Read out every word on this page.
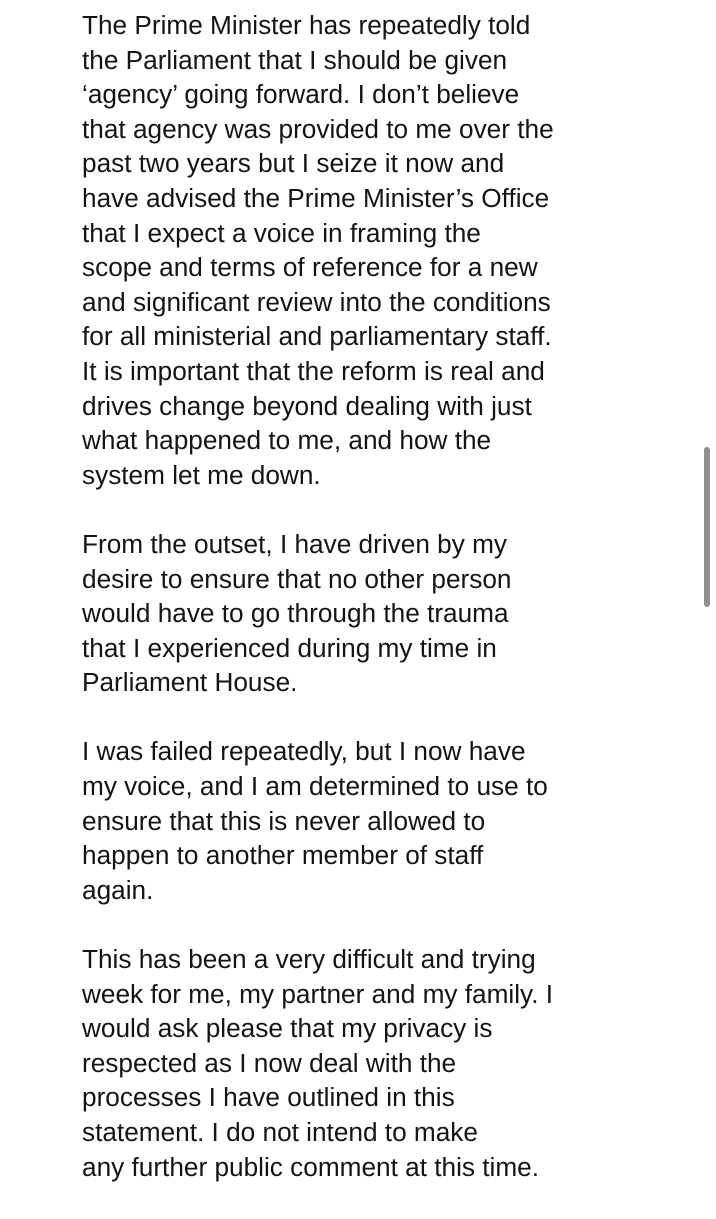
The Prime Minister has repeatedly told
the Parliament that I should be given
‘agency’ going forward. I don’t believe
that agency was provided to me over the
past two years but I seize it now and
have advised the Prime Minister’s Office
that I expect a voice in framing the
scope and terms of reference for a new
and significant review into the conditions
for all ministerial and parliamentary staff.
It is important that the reform is real and
drives change beyond dealing with just
what happened to me, and how the
system let me down.
From the outset, I have driven by my
desire to ensure that no other person
would have to go through the trauma
that I experienced during my time in
Parliament House.
I was failed repeatedly, but I now have
my voice, and I am determined to use to
ensure that this is never allowed to
happen to another member of staff
again.
This has been a very difficult and trying
week for me, my partner and my family. I
would ask please that my privacy is
respected as I now deal with the
processes I have outlined in this
statement. I do not intend to make
any further public comment at this time.
